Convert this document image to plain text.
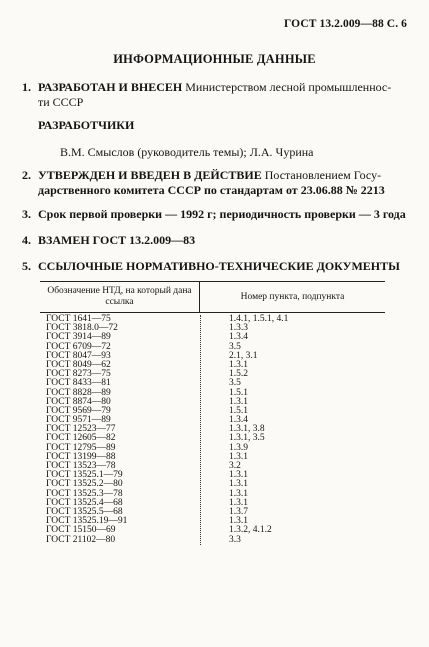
ГОСТ 13.2.009—88 С. 6
ИНФОРМАЦИОННЫЕ ДАННЫЕ
1. РАЗРАБОТАН И ВНЕСЕН Министерством лесной промышленнос-
ти СССР
РАЗРАБОТЧИКИ
В.М. Смыслов (руководитель темы); Л.А. Чурина
2. УТВЕРЖДЕН И ВВЕДЕН В ДЕЙСТВИЕ Постановлением Госу-
дарственного комитета СССР по стандартам от 23.06.88 № 2213
3. Срок первой проверки — 1992 г; периодичность проверки — 3 года
4. ВЗАМЕН ГОСТ 13.2.009—83
5. ССЫЛОЧНЫЕ НОРМАТИВНО-ТЕХНИЧЕСКИЕ ДОКУМЕНТЫ
Обозначение НТД, на который дана ссылка	Номер пункта, подпункта
ГОСТ 1641—75	1.4.1, 1.5.1, 4.1
ГОСТ 3818.0—72	1.3.3
ГОСТ 3914—89	1.3.4
ГОСТ 6709—72	3.5
ГОСТ 8047—93	2.1, 3.1
ГОСТ 8049—62	1.3.1
ГОСТ 8273—75	1.5.2
ГОСТ 8433—81	3.5
ГОСТ 8828—89	1.5.1
ГОСТ 8874—80	1.3.1
ГОСТ 9569—79	1.5.1
ГОСТ 9571—89	1.3.4
ГОСТ 12523—77	1.3.1, 3.8
ГОСТ 12605—82	1.3.1, 3.5
ГОСТ 12795—89	1.3.9
ГОСТ 13199—88	1.3.1
ГОСТ 13523—78	3.2
ГОСТ 13525.1—79	1.3.1
ГОСТ 13525.2—80	1.3.1
ГОСТ 13525.3—78	1.3.1
ГОСТ 13525.4—68	1.3.1
ГОСТ 13525.5—68	1.3.7
ГОСТ 13525.19—91	1.3.1
ГОСТ 15150—69	1.3.2, 4.1.2
ГОСТ 21102—80	3.3
